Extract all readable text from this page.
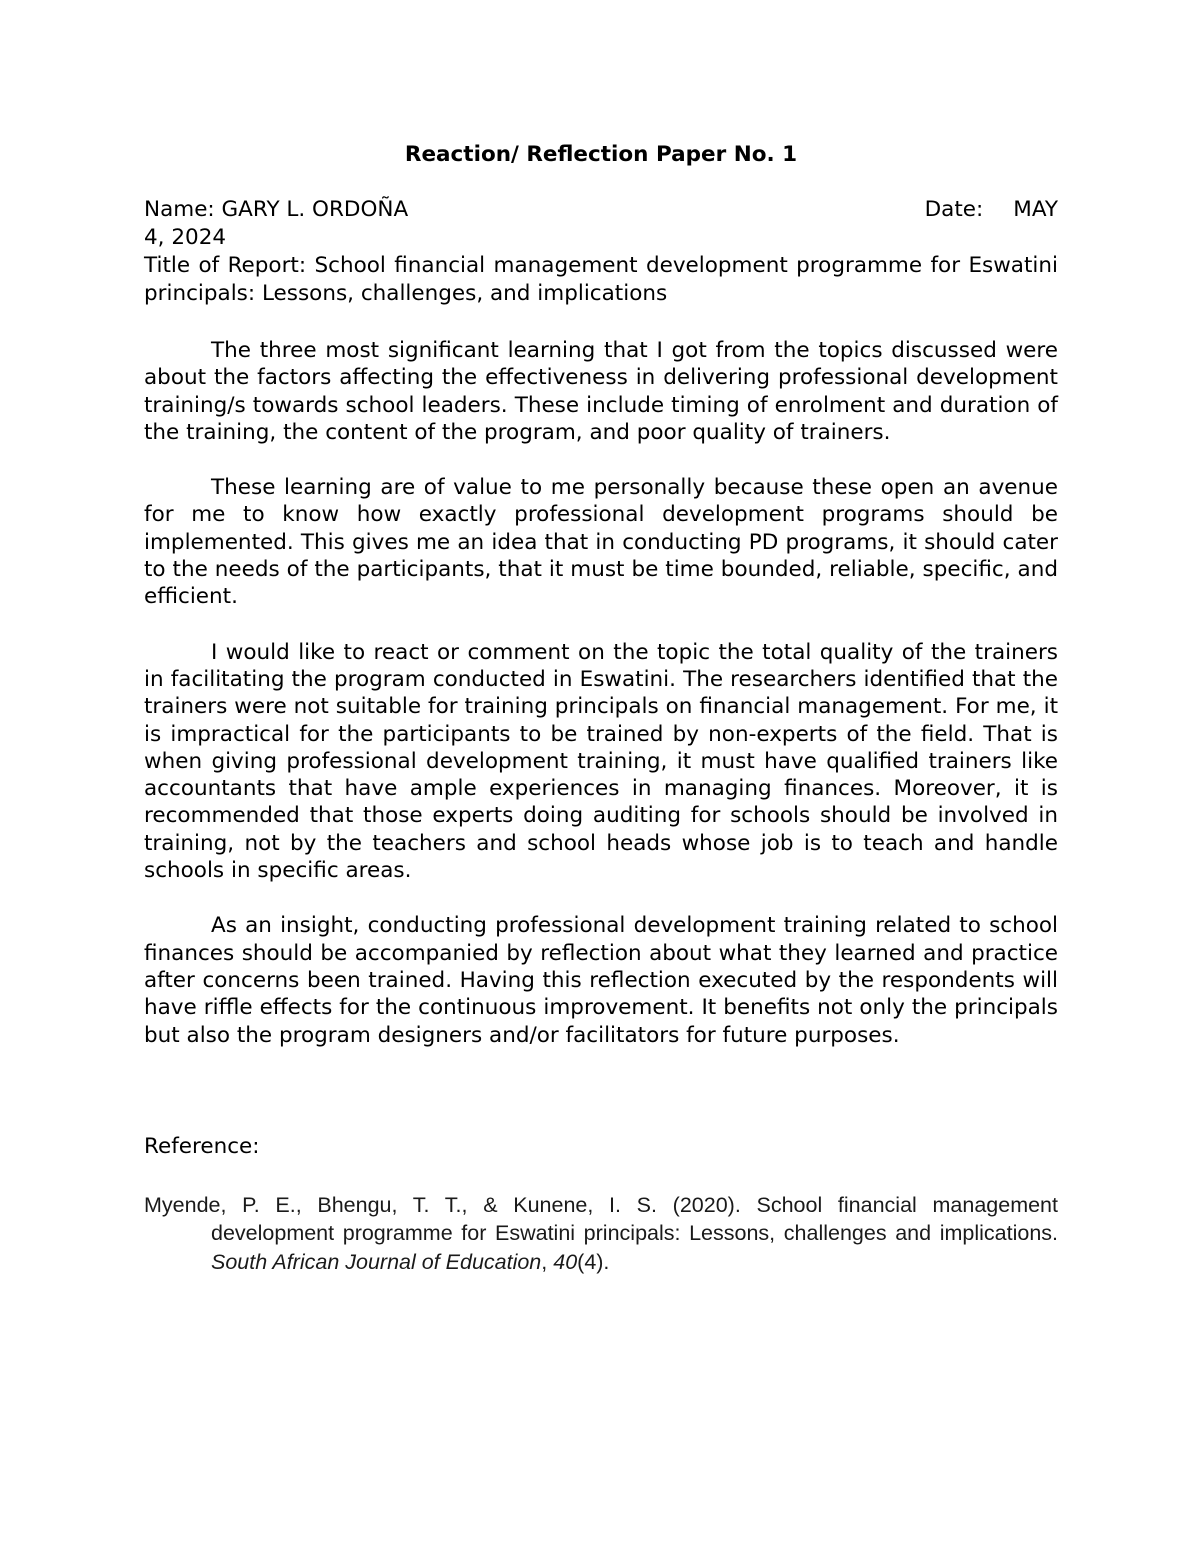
Reaction/ Reflection Paper No. 1
Name: GARY L. ORDOÑA	Date: MAY
4, 2024
Title of Report: School financial management development programme for Eswatini principals: Lessons, challenges, and implications

The three most significant learning that I got from the topics discussed were about the factors affecting the effectiveness in delivering professional development training/s towards school leaders. These include timing of enrolment and duration of the training, the content of the program, and poor quality of trainers.

These learning are of value to me personally because these open an avenue for me to know how exactly professional development programs should be implemented. This gives me an idea that in conducting PD programs, it should cater to the needs of the participants, that it must be time bounded, reliable, specific, and efficient.

I would like to react or comment on the topic the total quality of the trainers in facilitating the program conducted in Eswatini. The researchers identified that the trainers were not suitable for training principals on financial management. For me, it is impractical for the participants to be trained by non-experts of the field. That is when giving professional development training, it must have qualified trainers like accountants that have ample experiences in managing finances. Moreover, it is recommended that those experts doing auditing for schools should be involved in training, not by the teachers and school heads whose job is to teach and handle schools in specific areas.

As an insight, conducting professional development training related to school finances should be accompanied by reflection about what they learned and practice after concerns been trained. Having this reflection executed by the respondents will have riffle effects for the continuous improvement. It benefits not only the principals but also the program designers and/or facilitators for future purposes.

Reference:

Myende, P. E., Bhengu, T. T., & Kunene, I. S. (2020). School financial management development programme for Eswatini principals: Lessons, challenges and implications. South African Journal of Education, 40(4).
